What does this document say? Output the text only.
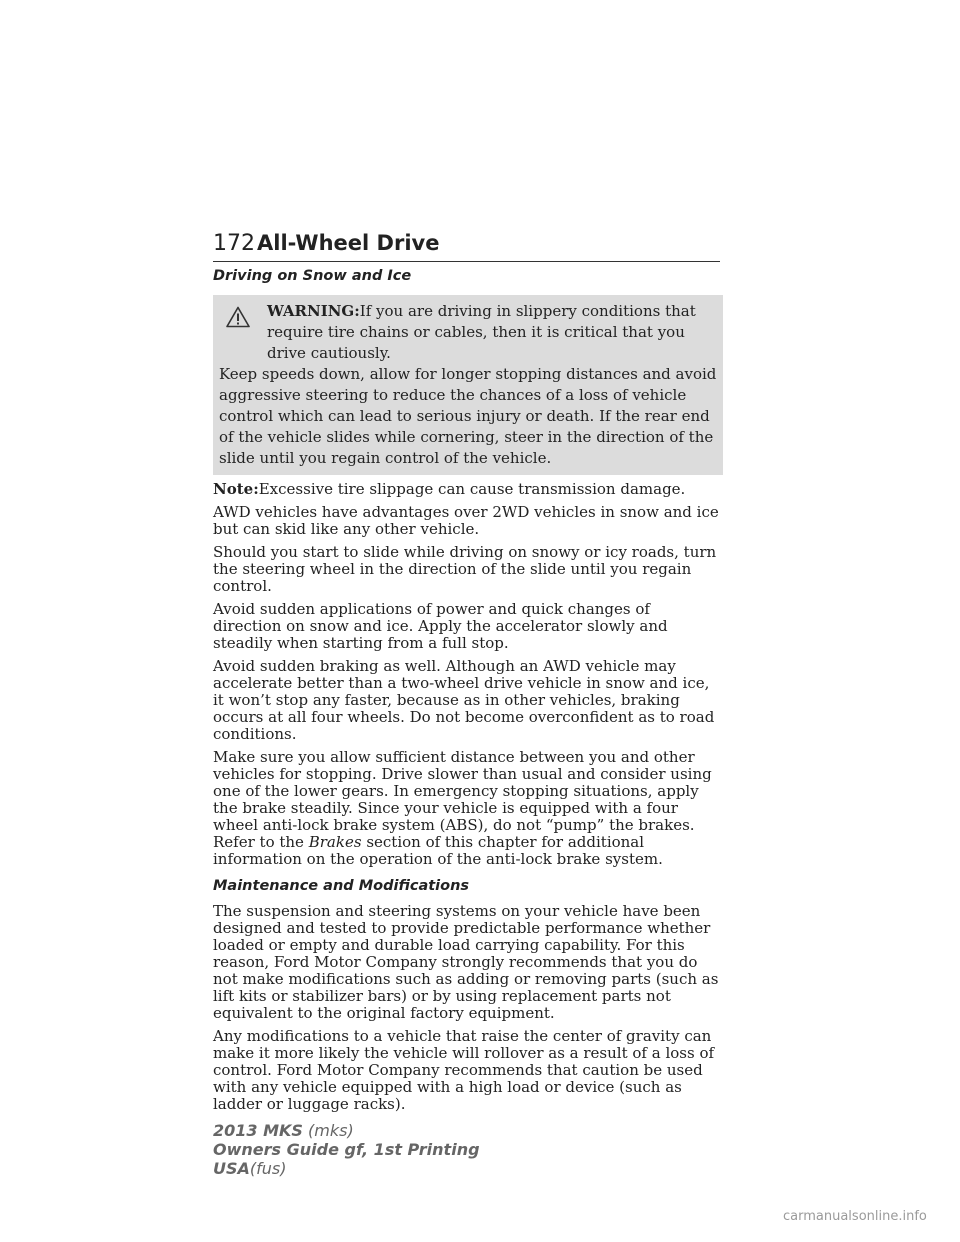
172 All-Wheel Drive
Driving on Snow and Ice
WARNING:If you are driving in slippery conditions that require tire chains or cables, then it is critical that you drive cautiously.
Keep speeds down, allow for longer stopping distances and avoid aggressive steering to reduce the chances of a loss of vehicle control which can lead to serious injury or death. If the rear end of the vehicle slides while cornering, steer in the direction of the slide until you regain control of the vehicle.

Note:Excessive tire slippage can cause transmission damage.

AWD vehicles have advantages over 2WD vehicles in snow and ice but can skid like any other vehicle.

Should you start to slide while driving on snowy or icy roads, turn the steering wheel in the direction of the slide until you regain control.

Avoid sudden applications of power and quick changes of direction on snow and ice. Apply the accelerator slowly and steadily when starting from a full stop.

Avoid sudden braking as well. Although an AWD vehicle may accelerate better than a two-wheel drive vehicle in snow and ice, it won’t stop any faster, because as in other vehicles, braking occurs at all four wheels. Do not become overconfident as to road conditions.

Make sure you allow sufficient distance between you and other vehicles for stopping. Drive slower than usual and consider using one of the lower gears. In emergency stopping situations, apply the brake steadily. Since your vehicle is equipped with a four wheel anti-lock brake system (ABS), do not “pump” the brakes. Refer to the Brakes section of this chapter for additional information on the operation of the anti-lock brake system.

Maintenance and Modifications

The suspension and steering systems on your vehicle have been designed and tested to provide predictable performance whether loaded or empty and durable load carrying capability. For this reason, Ford Motor Company strongly recommends that you do not make modifications such as adding or removing parts (such as lift kits or stabilizer bars) or by using replacement parts not equivalent to the original factory equipment.

Any modifications to a vehicle that raise the center of gravity can make it more likely the vehicle will rollover as a result of a loss of control. Ford Motor Company recommends that caution be used with any vehicle equipped with a high load or device (such as ladder or luggage racks).

2013 MKS (mks)
Owners Guide gf, 1st Printing
USA(fus)
carmanualsonline.info
